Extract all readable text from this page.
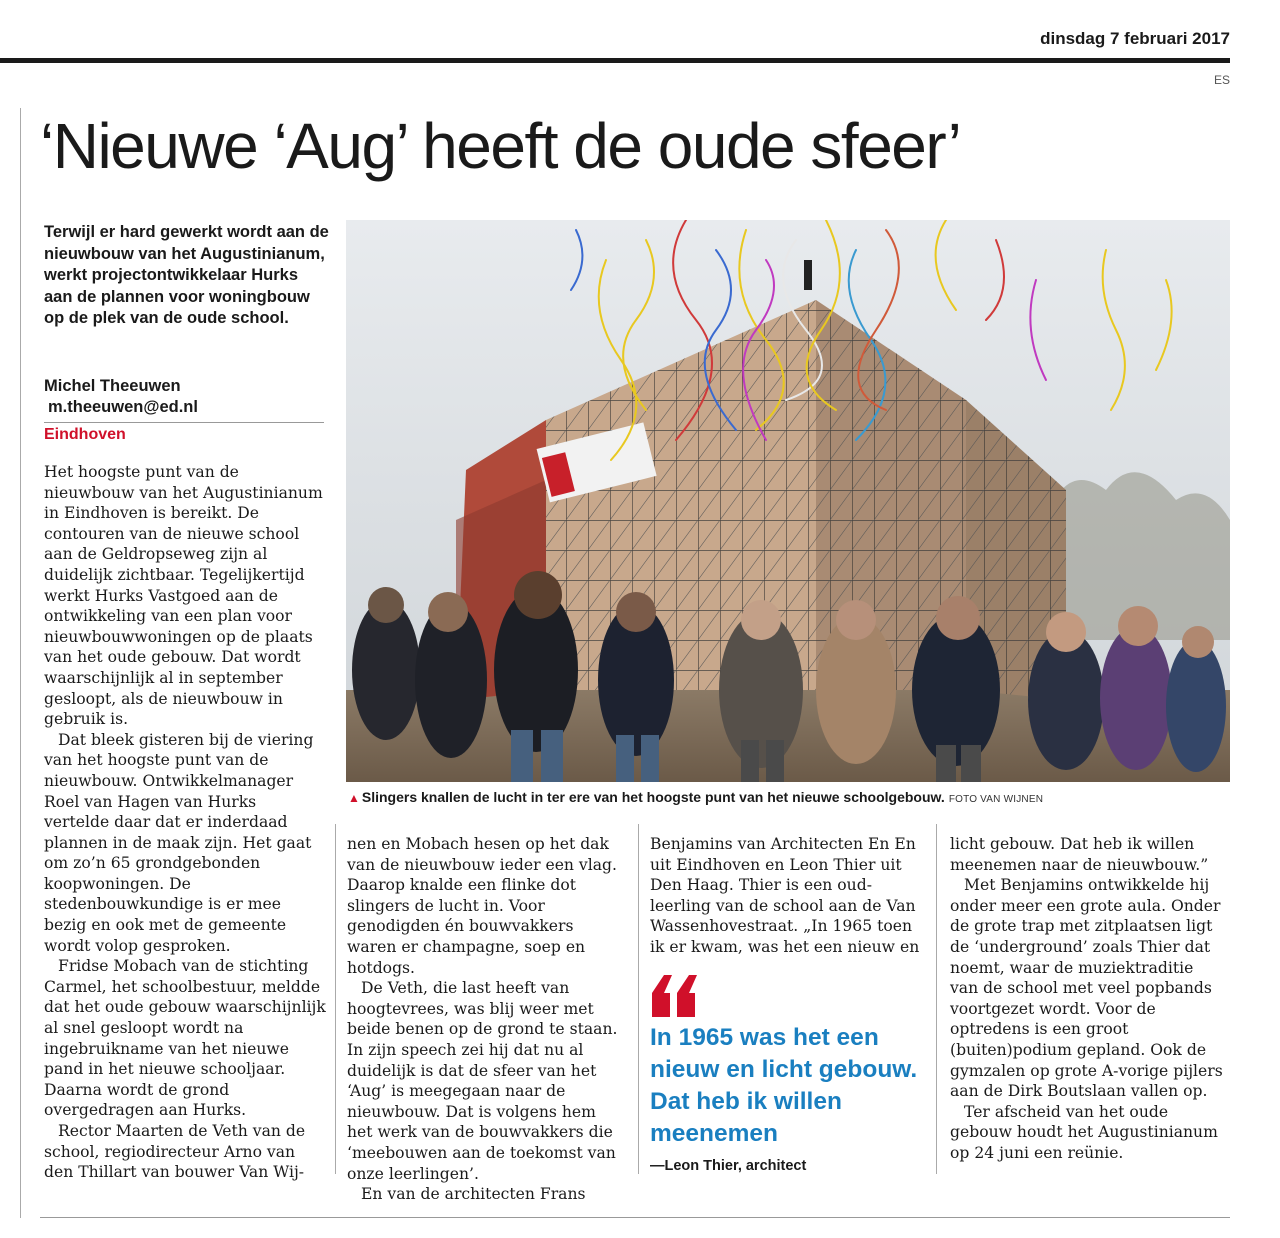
dinsdag 7 februari 2017
ES
‘Nieuwe ‘Aug’ heeft de oude sfeer’

Terwijl er hard gewerkt wordt aan de nieuwbouw van het Augustinianum, werkt projectontwikkelaar Hurks aan de plannen voor woningbouw op de plek van de oude school.

Michel Theeuwen
m.theeuwen@ed.nl
Eindhoven

Het hoogste punt van de nieuwbouw van het Augustinianum in Eindhoven is bereikt. De contouren van de nieuwe school aan de Geldropseweg zijn al duidelijk zichtbaar. Tegelijkertijd werkt Hurks Vastgoed aan de ontwikkeling van een plan voor nieuwbouwwoningen op de plaats van het oude gebouw. Dat wordt waarschijnlijk al in september gesloopt, als de nieuwbouw in gebruik is.

Dat bleek gisteren bij de viering van het hoogste punt van de nieuwbouw. Ontwikkelmanager Roel van Hagen van Hurks vertelde daar dat er inderdaad plannen in de maak zijn. Het gaat om zo’n 65 grondgebonden koopwoningen. De stedenbouwkundige is er mee bezig en ook met de gemeente wordt volop gesproken.

Fridse Mobach van de stichting Carmel, het schoolbestuur, meldde dat het oude gebouw waarschijnlijk al snel gesloopt wordt na ingebruikname van het nieuwe pand in het nieuwe schooljaar. Daarna wordt de grond overgedragen aan Hurks.

Rector Maarten de Veth van de school, regiodirecteur Arno van den Thillart van bouwer Van Wij-

▲ Slingers knallen de lucht in ter ere van het hoogste punt van het nieuwe schoolgebouw. FOTO VAN WIJNEN

nen en Mobach hesen op het dak van de nieuwbouw ieder een vlag. Daarop knalde een flinke dot slingers de lucht in. Voor genodigden én bouwvakkers waren er champagne, soep en hotdogs.

De Veth, die last heeft van hoogtevrees, was blij weer met beide benen op de grond te staan. In zijn speech zei hij dat nu al duidelijk is dat de sfeer van het ‘Aug’ is meegegaan naar de nieuwbouw. Dat is volgens hem het werk van de bouwvakkers die ‘meebouwen aan de toekomst van onze leerlingen’.

En van de architecten Frans

Benjamins van Architecten En En uit Eindhoven en Leon Thier uit Den Haag. Thier is een oud-leerling van de school aan de Van Wassenhovestraat. „In 1965 toen ik er kwam, was het een nieuw en

In 1965 was het een nieuw en licht gebouw. Dat heb ik willen meenemen

—Leon Thier, architect

licht gebouw. Dat heb ik willen meenemen naar de nieuwbouw.”

Met Benjamins ontwikkelde hij onder meer een grote aula. Onder de grote trap met zitplaatsen ligt de ‘underground’ zoals Thier dat noemt, waar de muziektraditie van de school met veel popbands voortgezet wordt. Voor de optredens is een groot (buiten)podium gepland. Ook de gymzalen op grote A-vorige pijlers aan de Dirk Boutslaan vallen op.

Ter afscheid van het oude gebouw houdt het Augustinianum op 24 juni een reünie.
